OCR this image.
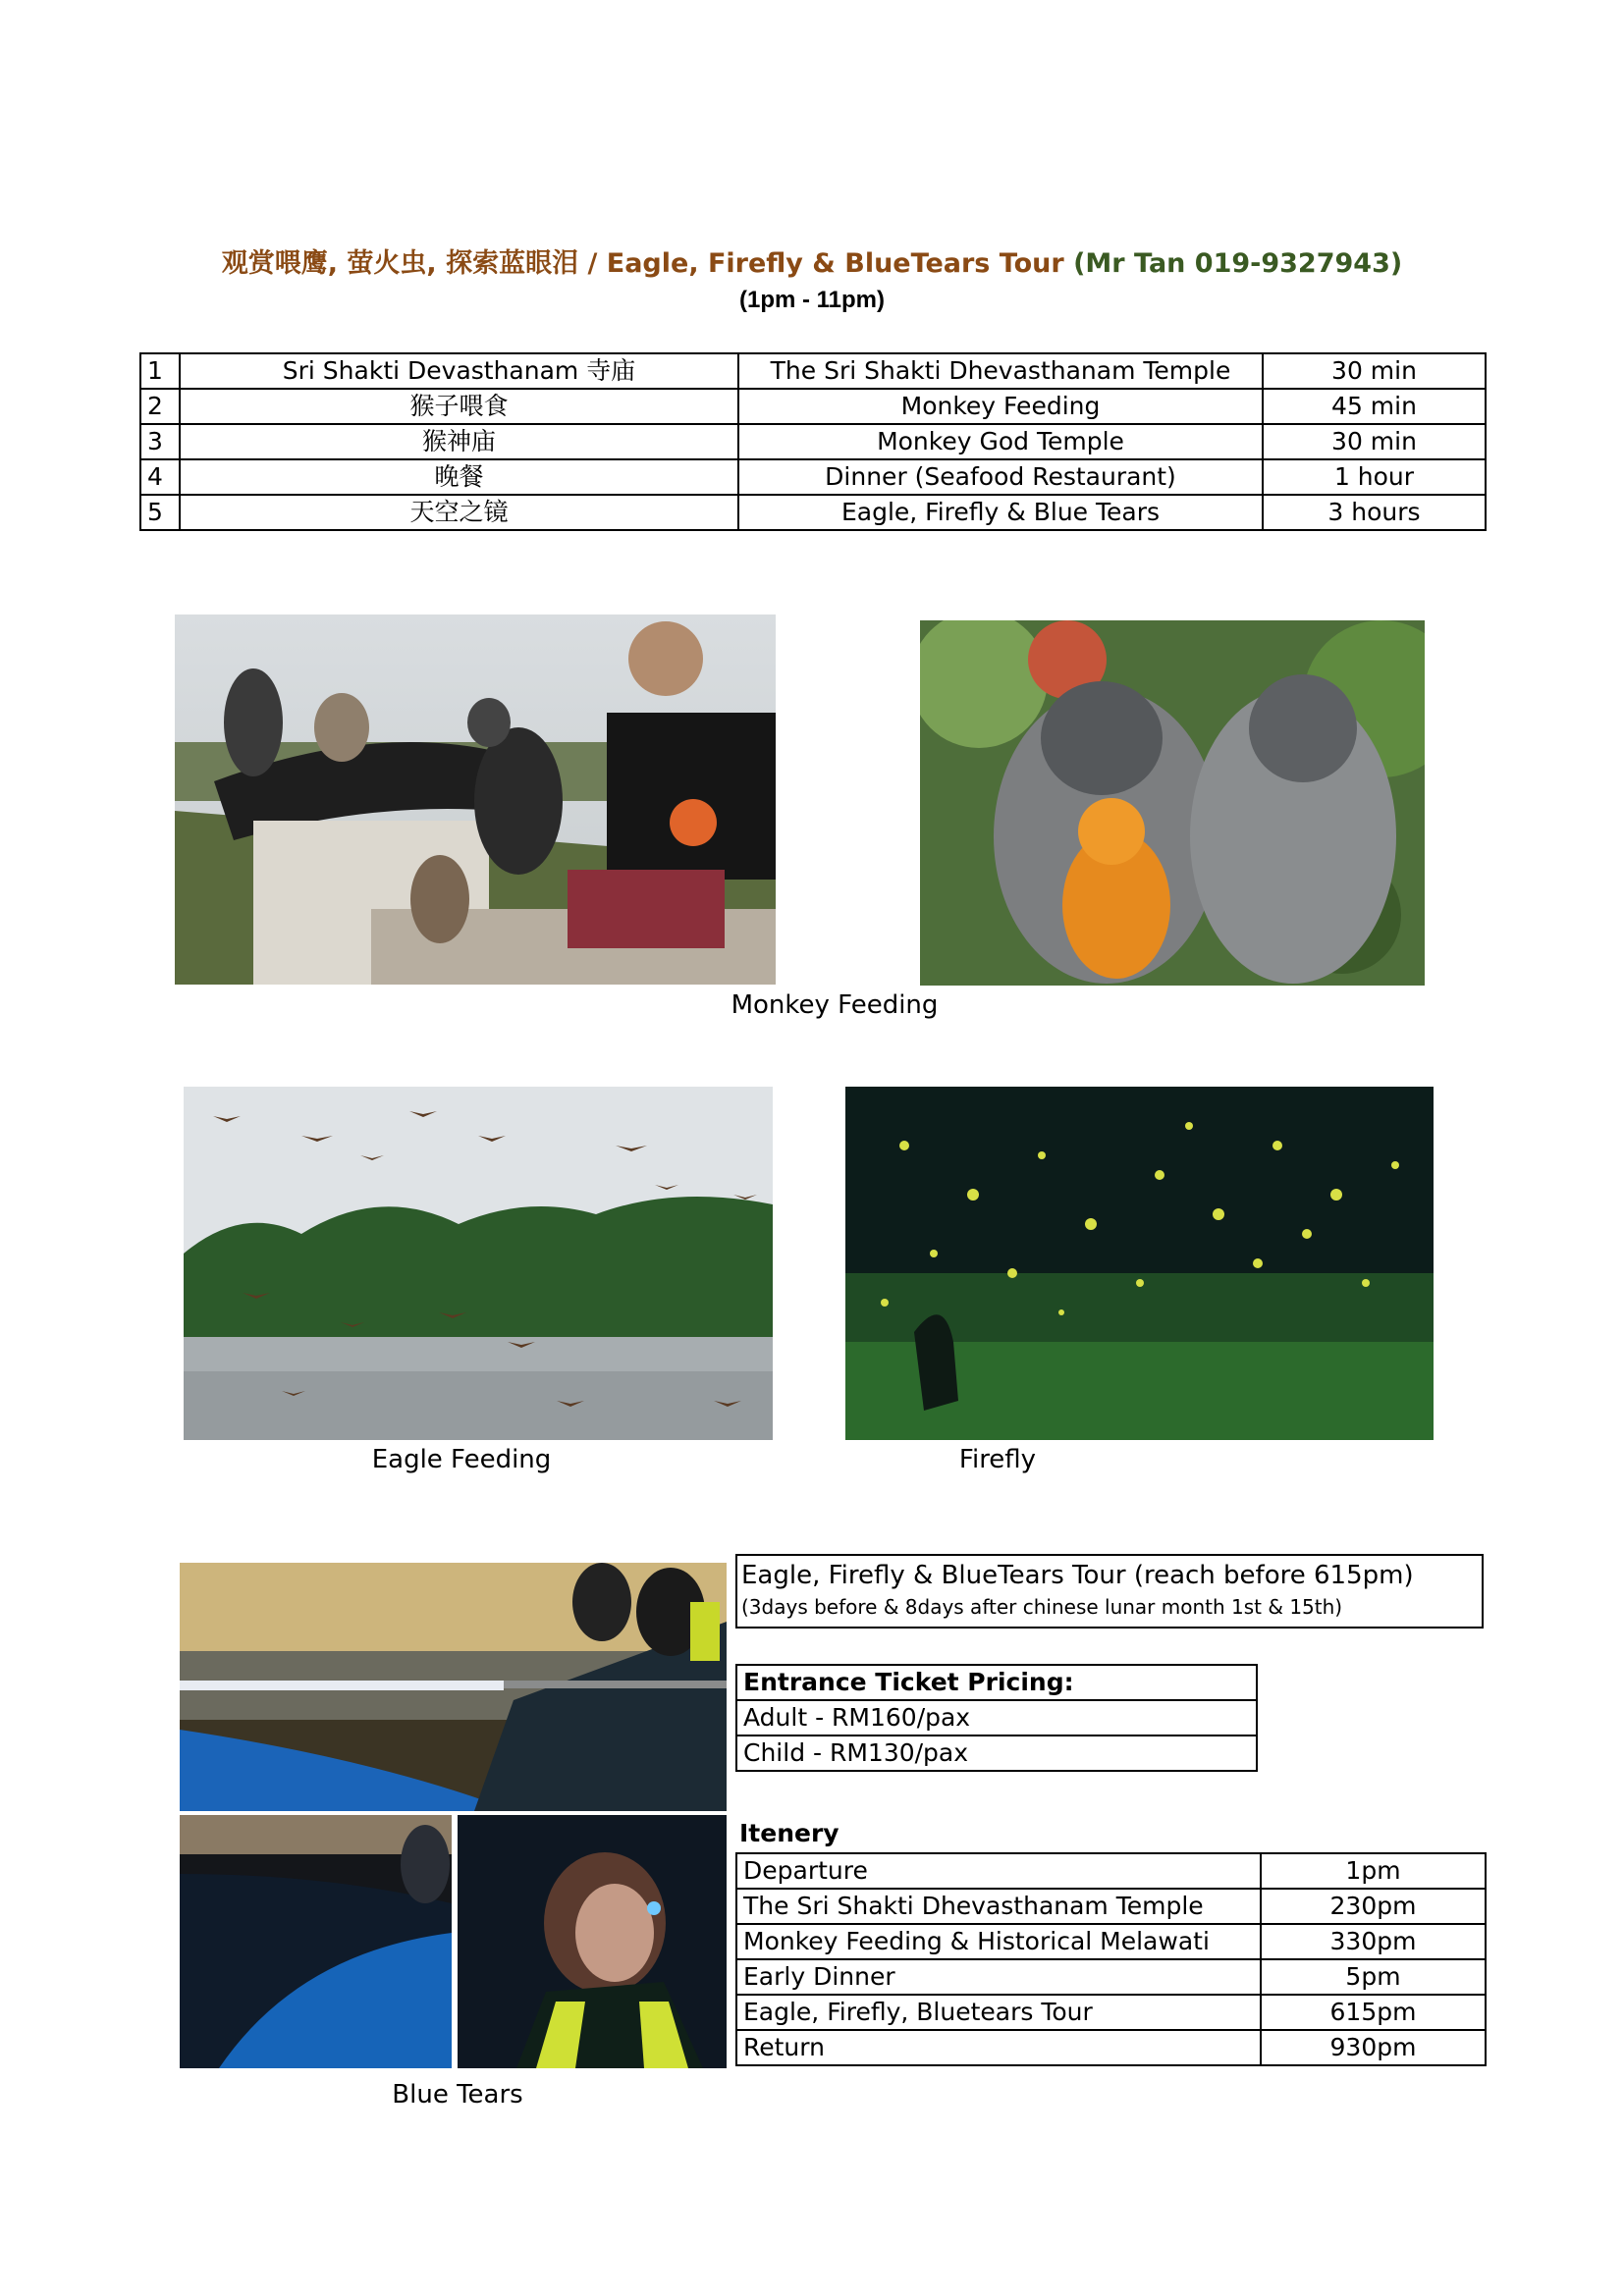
观赏喂鹰, 萤火虫, 探索蓝眼泪 / Eagle, Firefly & BlueTears Tour (Mr Tan 019-9327943)
(1pm - 11pm)
1	Sri Shakti Devasthanam 寺庙	The Sri Shakti Dhevasthanam Temple	30 min
2	猴子喂食	Monkey Feeding	45 min
3	猴神庙	Monkey God Temple	30 min
4	晚餐	Dinner (Seafood Restaurant)	1 hour
5	天空之镜	Eagle, Firefly & Blue Tears	3 hours
Monkey Feeding
Eagle Feeding	Firefly
Blue Tears
Eagle, Firefly & BlueTears Tour (reach before 615pm)
(3days before & 8days after chinese lunar month 1st & 15th)
Entrance Ticket Pricing:
Adult - RM160/pax
Child - RM130/pax
Itenery
Departure	1pm
The Sri Shakti Dhevasthanam Temple	230pm
Monkey Feeding & Historical Melawati	330pm
Early Dinner	5pm
Eagle, Firefly, Bluetears Tour	615pm
Return	930pm
